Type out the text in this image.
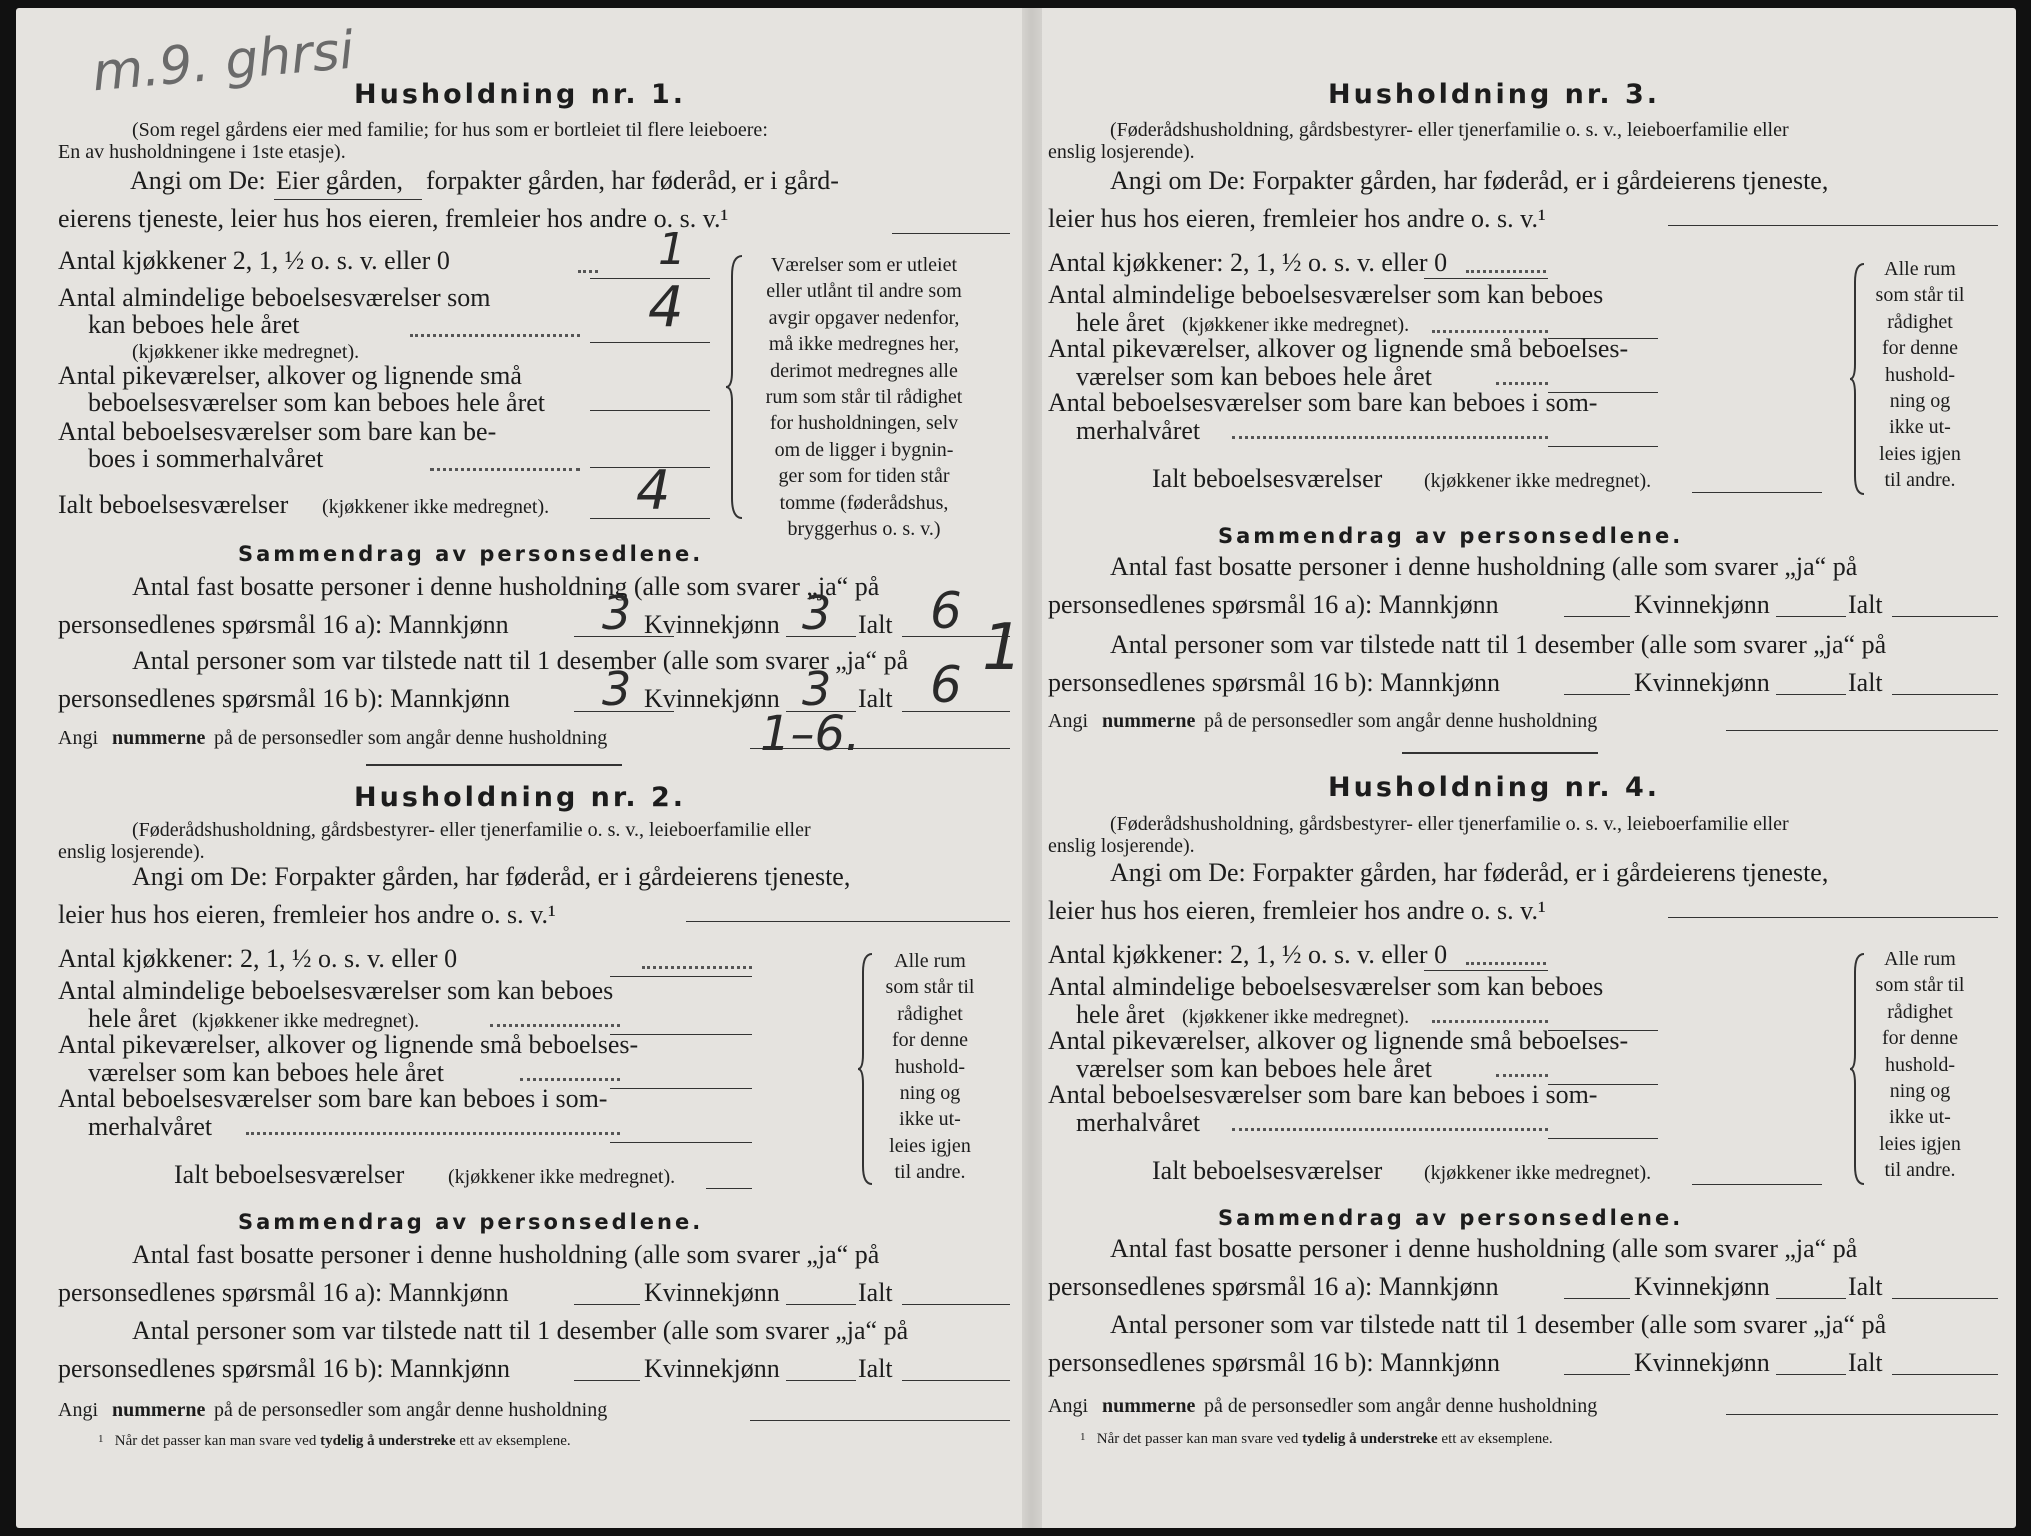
m.9. ghrsi
Husholdning nr. 1.
(Som regel gårdens eier med familie; for hus som er bortleiet til flere leieboere:
En av husholdningene i 1ste etasje).
Angi om De: Eier gården, forpakter gården, har føderåd, er i gård-
eierens tjeneste, leier hus hos eieren, fremleier hos andre o. s. v.¹
Antal kjøkkener 2, 1, ½ o. s. v. eller 0	1
Antal almindelige beboelsesværelser som
kan beboes hele året	4
(kjøkkener ikke medregnet).
Antal pikeværelser, alkover og lignende små
beboelsesværelser som kan beboes hele året
Antal beboelsesværelser som bare kan be-
boes i sommerhalvåret
Ialt beboelsesværelser (kjøkkener ikke medregnet). 4
Værelser som er utleiet
eller utlånt til andre som
avgir opgaver nedenfor,
må ikke medregnes her,
derimot medregnes alle
rum som står til rådighet
for husholdningen, selv
om de ligger i bygnin-
ger som for tiden står
tomme (føderådshus,
bryggerhus o. s. v.)
Sammendrag av personsedlene.
Antal fast bosatte personer i denne husholdning (alle som svarer „ja“ på
personsedlenes spørsmål 16 a): Mannkjønn 3 Kvinnekjønn 3 Ialt 6
Antal personer som var tilstede natt til 1 desember (alle som svarer „ja“ på
personsedlenes spørsmål 16 b): Mannkjønn 3 Kvinnekjønn 3 Ialt 6 1
Angi nummerne på de personsedler som angår denne husholdning	1–6.
Husholdning nr. 2.
(Føderådshusholdning, gårdsbestyrer- eller tjenerfamilie o. s. v., leieboerfamilie eller
enslig losjerende).
Angi om De: Forpakter gården, har føderåd, er i gårdeierens tjeneste,
leier hus hos eieren, fremleier hos andre o. s. v.¹
Antal kjøkkener: 2, 1, ½ o. s. v. eller 0
Antal almindelige beboelsesværelser som kan beboes
hele året (kjøkkener ikke medregnet).
Antal pikeværelser, alkover og lignende små beboelses-
værelser som kan beboes hele året
Antal beboelsesværelser som bare kan beboes i som-
merhalvåret
Ialt beboelsesværelser (kjøkkener ikke medregnet).
Alle rum
som står til
rådighet
for denne
hushold-
ning og
ikke ut-
leies igjen
til andre.
Sammendrag av personsedlene.
Antal fast bosatte personer i denne husholdning (alle som svarer „ja“ på
personsedlenes spørsmål 16 a): Mannkjønn	Kvinnekjønn	Ialt
Antal personer som var tilstede natt til 1 desember (alle som svarer „ja“ på
personsedlenes spørsmål 16 b): Mannkjønn	Kvinnekjønn	Ialt
Angi nummerne på de personsedler som angår denne husholdning
$^1$ Når det passer kan man svare ved tydelig å understreke ett av eksemplene.
Husholdning nr. 3.
(Føderådshusholdning, gårdsbestyrer- eller tjenerfamilie o. s. v., leieboerfamilie eller
enslig losjerende).
Angi om De: Forpakter gården, har føderåd, er i gårdeierens tjeneste,
leier hus hos eieren, fremleier hos andre o. s. v.¹
Antal kjøkkener: 2, 1, ½ o. s. v. eller 0
Antal almindelige beboelsesværelser som kan beboes
hele året (kjøkkener ikke medregnet).
Antal pikeværelser, alkover og lignende små beboelses-
værelser som kan beboes hele året
Antal beboelsesværelser som bare kan beboes i som-
merhalvåret
Ialt beboelsesværelser (kjøkkener ikke medregnet).
Alle rum
som står til
rådighet
for denne
hushold-
ning og
ikke ut-
leies igjen
til andre.
Sammendrag av personsedlene.
Antal fast bosatte personer i denne husholdning (alle som svarer „ja“ på
personsedlenes spørsmål 16 a): Mannkjønn	Kvinnekjønn	Ialt
Antal personer som var tilstede natt til 1 desember (alle som svarer „ja“ på
personsedlenes spørsmål 16 b): Mannkjønn	Kvinnekjønn	Ialt
Angi nummerne på de personsedler som angår denne husholdning
Husholdning nr. 4.
(Føderådshusholdning, gårdsbestyrer- eller tjenerfamilie o. s. v., leieboerfamilie eller
enslig losjerende).
Angi om De: Forpakter gården, har føderåd, er i gårdeierens tjeneste,
leier hus hos eieren, fremleier hos andre o. s. v.¹
Antal kjøkkener: 2, 1, ½ o. s. v. eller 0
Antal almindelige beboelsesværelser som kan beboes
hele året (kjøkkener ikke medregnet).
Antal pikeværelser, alkover og lignende små beboelses-
værelser som kan beboes hele året
Antal beboelsesværelser som bare kan beboes i som-
merhalvåret
Ialt beboelsesværelser (kjøkkener ikke medregnet).
Alle rum
som står til
rådighet
for denne
hushold-
ning og
ikke ut-
leies igjen
til andre.
Sammendrag av personsedlene.
Antal fast bosatte personer i denne husholdning (alle som svarer „ja“ på
personsedlenes spørsmål 16 a): Mannkjønn	Kvinnekjønn	Ialt
Antal personer som var tilstede natt til 1 desember (alle som svarer „ja“ på
personsedlenes spørsmål 16 b): Mannkjønn	Kvinnekjønn	Ialt
Angi nummerne på de personsedler som angår denne husholdning
$^1$ Når det passer kan man svare ved tydelig å understreke ett av eksemplene.
